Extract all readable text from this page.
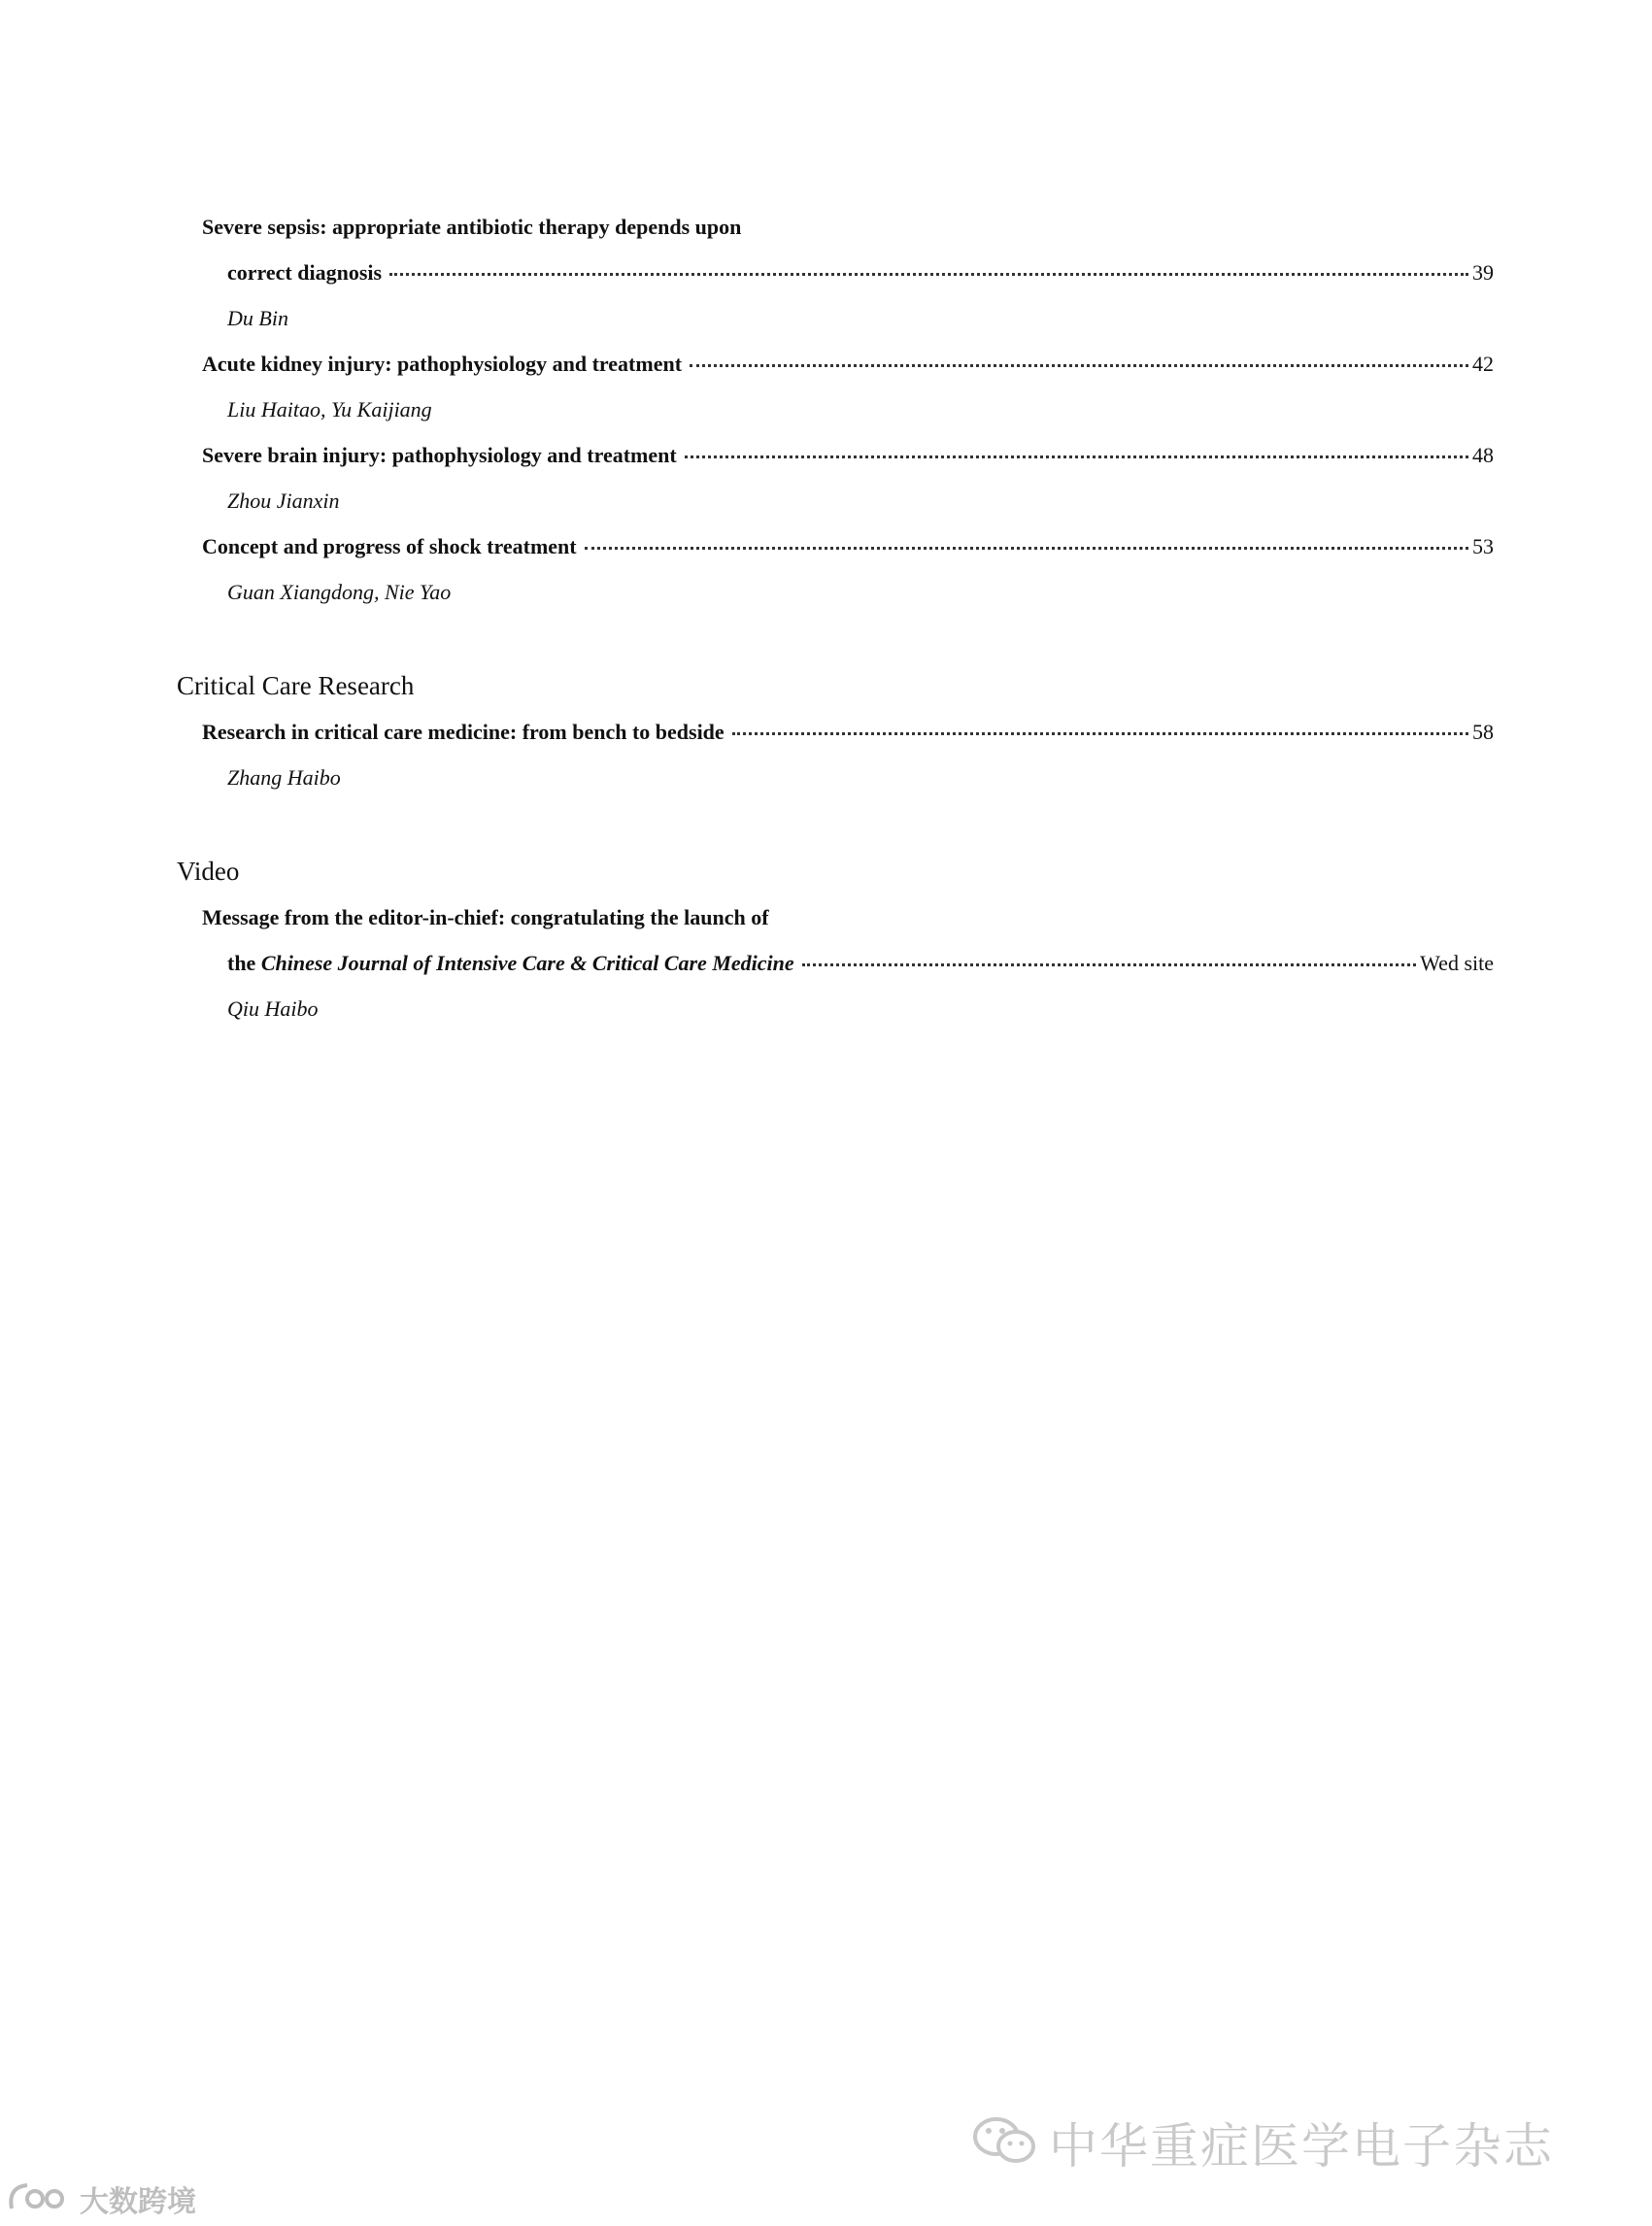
Severe sepsis: appropriate antibiotic therapy depends upon
correct diagnosis	39
Du Bin
Acute kidney injury: pathophysiology and treatment	42
Liu Haitao, Yu Kaijiang
Severe brain injury: pathophysiology and treatment	48
Zhou Jianxin
Concept and progress of shock treatment	53
Guan Xiangdong, Nie Yao
Critical Care Research
Research in critical care medicine: from bench to bedside	58
Zhang Haibo
Video
Message from the editor-in-chief: congratulating the launch of
the Chinese Journal of Intensive Care & Critical Care Medicine	Wed site
Qiu Haibo
中华重症医学电子杂志
大数跨境
